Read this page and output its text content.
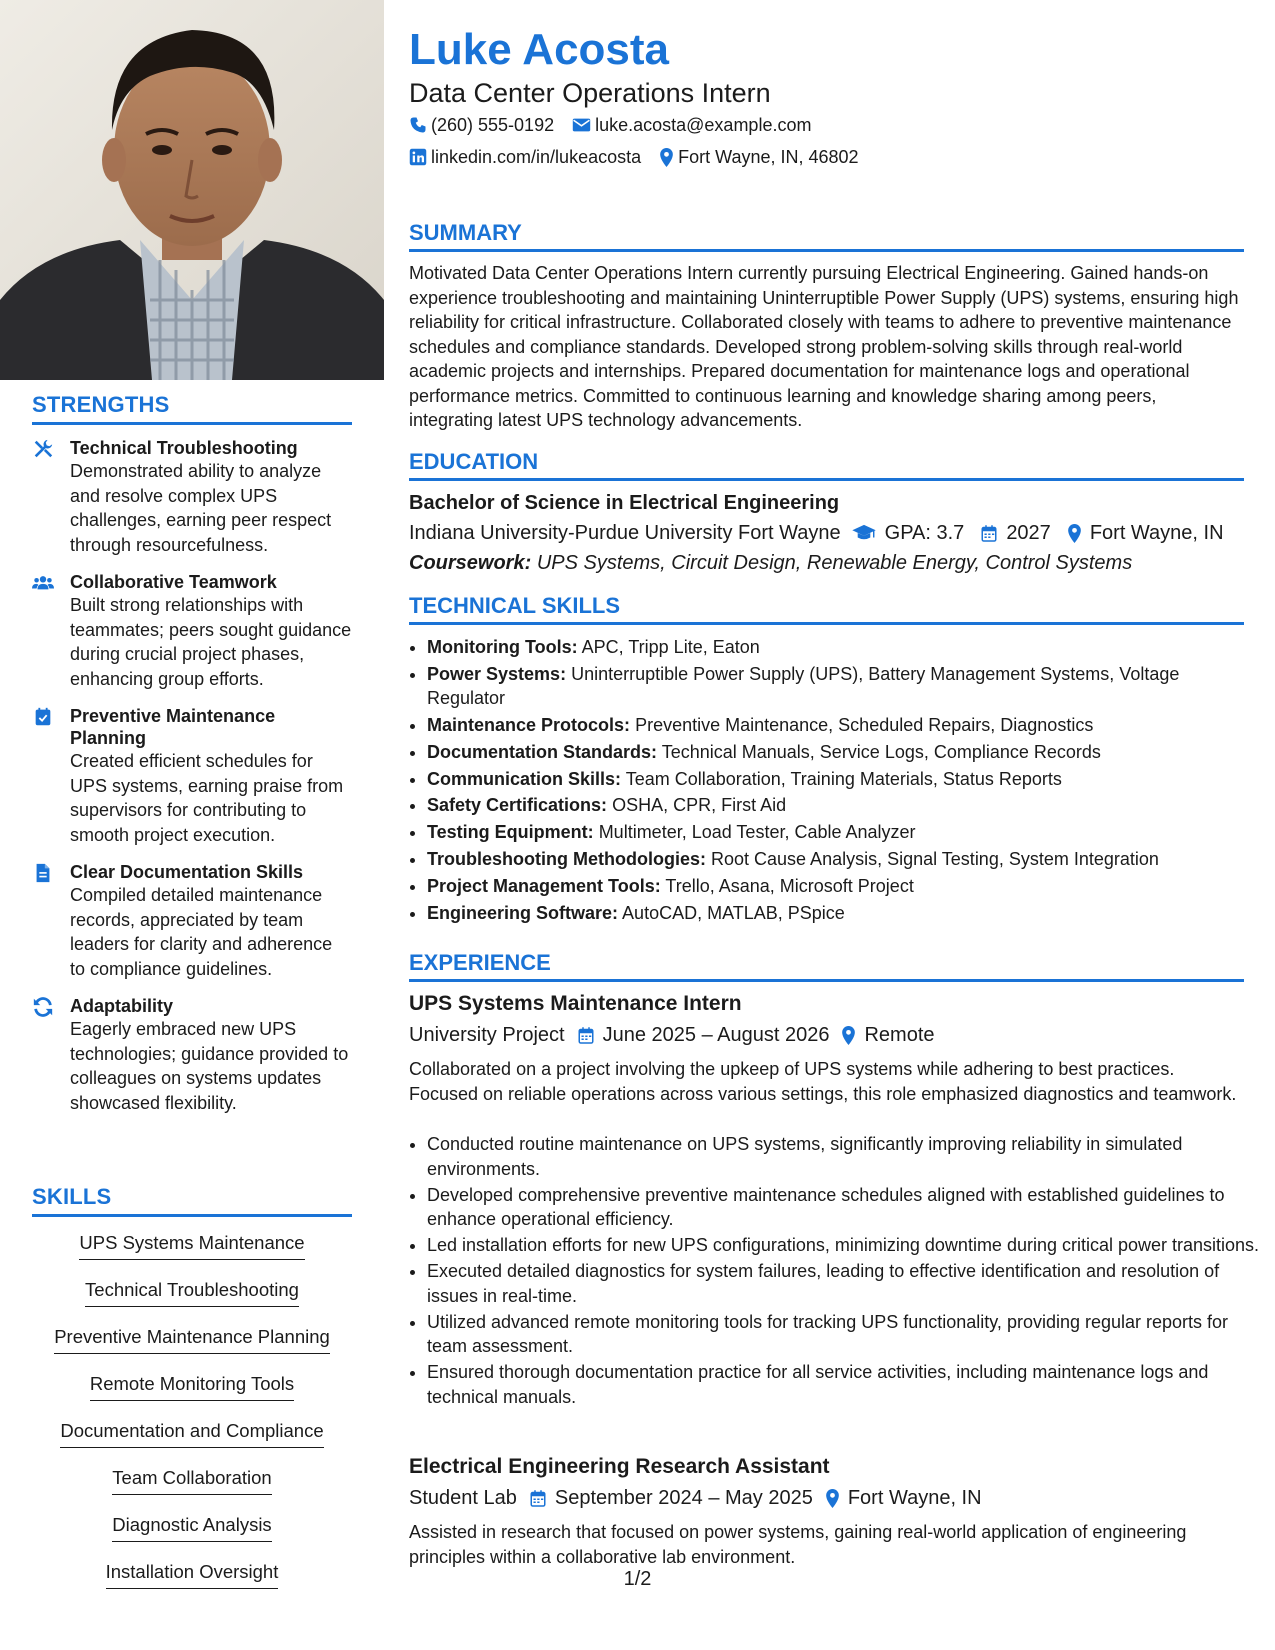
STRENGTHS
Technical Troubleshooting
Demonstrated ability to analyze and resolve complex UPS challenges, earning peer respect through resourcefulness.
Collaborative Teamwork
Built strong relationships with teammates; peers sought guidance during crucial project phases, enhancing group efforts.
Preventive Maintenance Planning
Created efficient schedules for UPS systems, earning praise from supervisors for contributing to smooth project execution.
Clear Documentation Skills
Compiled detailed maintenance records, appreciated by team leaders for clarity and adherence to compliance guidelines.
Adaptability
Eagerly embraced new UPS technologies; guidance provided to colleagues on systems updates showcased flexibility.
SKILLS
UPS Systems Maintenance
Technical Troubleshooting
Preventive Maintenance Planning
Remote Monitoring Tools
Documentation and Compliance
Team Collaboration
Diagnostic Analysis
Installation Oversight
Luke Acosta
Data Center Operations Intern
(260) 555-0192 luke.acosta@example.com
linkedin.com/in/lukeacosta Fort Wayne, IN, 46802
SUMMARY

Motivated Data Center Operations Intern currently pursuing Electrical Engineering. Gained hands-on experience troubleshooting and maintaining Uninterruptible Power Supply (UPS) systems, ensuring high reliability for critical infrastructure. Collaborated closely with teams to adhere to preventive maintenance schedules and compliance standards. Developed strong problem-solving skills through real-world academic projects and internships. Prepared documentation for maintenance logs and operational performance metrics. Committed to continuous learning and knowledge sharing among peers, integrating latest UPS technology advancements.

EDUCATION
Bachelor of Science in Electrical Engineering
Indiana University-Purdue University Fort Wayne GPA: 3.7 2027 Fort Wayne, IN
Coursework: UPS Systems, Circuit Design, Renewable Energy, Control Systems
TECHNICAL SKILLS
• Monitoring Tools: APC, Tripp Lite, Eaton
• Power Systems: Uninterruptible Power Supply (UPS), Battery Management Systems, Voltage Regulator
• Maintenance Protocols: Preventive Maintenance, Scheduled Repairs, Diagnostics
• Documentation Standards: Technical Manuals, Service Logs, Compliance Records
• Communication Skills: Team Collaboration, Training Materials, Status Reports
• Safety Certifications: OSHA, CPR, First Aid
• Testing Equipment: Multimeter, Load Tester, Cable Analyzer
• Troubleshooting Methodologies: Root Cause Analysis, Signal Testing, System Integration
• Project Management Tools: Trello, Asana, Microsoft Project
• Engineering Software: AutoCAD, MATLAB, PSpice
EXPERIENCE
UPS Systems Maintenance Intern
University Project June 2025 – August 2026 Remote

Collaborated on a project involving the upkeep of UPS systems while adhering to best practices. Focused on reliable operations across various settings, this role emphasized diagnostics and teamwork.

• Conducted routine maintenance on UPS systems, significantly improving reliability in simulated environments.
• Developed comprehensive preventive maintenance schedules aligned with established guidelines to enhance operational efficiency.
• Led installation efforts for new UPS configurations, minimizing downtime during critical power transitions.
• Executed detailed diagnostics for system failures, leading to effective identification and resolution of issues in real-time.
• Utilized advanced remote monitoring tools for tracking UPS functionality, providing regular reports for team assessment.
• Ensured thorough documentation practice for all service activities, including maintenance logs and technical manuals.
Electrical Engineering Research Assistant
Student Lab September 2024 – May 2025 Fort Wayne, IN

Assisted in research that focused on power systems, gaining real-world application of engineering principles within a collaborative lab environment.

1/2
